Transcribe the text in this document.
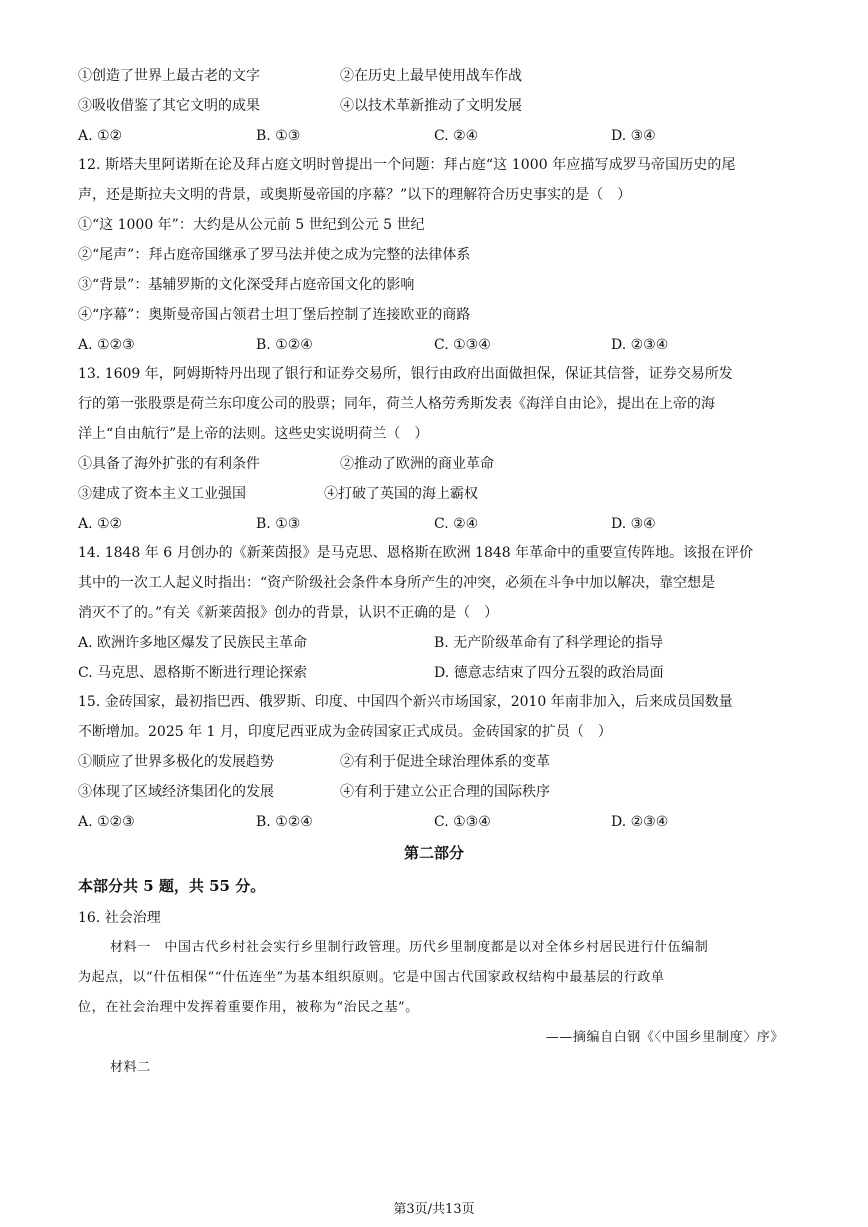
①创造了世界上最古老的文字	②在历史上最早使用战车作战
③吸收借鉴了其它文明的成果	④以技术革新推动了文明发展
A. ①②	B. ①③	C. ②④	D. ③④
12. 斯塔夫里阿诺斯在论及拜占庭文明时曾提出一个问题：拜占庭“这 1000 年应描写成罗马帝国历史的尾
声，还是斯拉夫文明的背景，或奥斯曼帝国的序幕？”以下的理解符合历史事实的是（　）
①“这 1000 年”：大约是从公元前 5 世纪到公元 5 世纪
②“尾声”：拜占庭帝国继承了罗马法并使之成为完整的法律体系
③“背景”：基辅罗斯的文化深受拜占庭帝国文化的影响
④“序幕”：奥斯曼帝国占领君士坦丁堡后控制了连接欧亚的商路
A. ①②③	B. ①②④	C. ①③④	D. ②③④
13. 1609 年，阿姆斯特丹出现了银行和证券交易所，银行由政府出面做担保，保证其信誉，证券交易所发
行的第一张股票是荷兰东印度公司的股票；同年，荷兰人格劳秀斯发表《海洋自由论》，提出在上帝的海
洋上“自由航行”是上帝的法则。这些史实说明荷兰（　）
①具备了海外扩张的有利条件	②推动了欧洲的商业革命
③建成了资本主义工业强国	④打破了英国的海上霸权
A. ①②	B. ①③	C. ②④	D. ③④
14. 1848 年 6 月创办的《新莱茵报》是马克思、恩格斯在欧洲 1848 年革命中的重要宣传阵地。该报在评价
其中的一次工人起义时指出：“资产阶级社会条件本身所产生的冲突，必须在斗争中加以解决，靠空想是
消灭不了的。”有关《新莱茵报》创办的背景，认识不正确的是（　）
A. 欧洲许多地区爆发了民族民主革命	B. 无产阶级革命有了科学理论的指导
C. 马克思、恩格斯不断进行理论探索	D. 德意志结束了四分五裂的政治局面
15. 金砖国家，最初指巴西、俄罗斯、印度、中国四个新兴市场国家，2010 年南非加入，后来成员国数量
不断增加。2025 年 1 月，印度尼西亚成为金砖国家正式成员。金砖国家的扩员（　）
①顺应了世界多极化的发展趋势	②有利于促进全球治理体系的变革
③体现了区域经济集团化的发展	④有利于建立公正合理的国际秩序
A. ①②③	B. ①②④	C. ①③④	D. ②③④
第二部分
本部分共 5 题，共 55 分。
16. 社会治理
材料一　中国古代乡村社会实行乡里制行政管理。历代乡里制度都是以对全体乡村居民进行什伍编制
为起点，以“什伍相保”“什伍连坐”为基本组织原则。它是中国古代国家政权结构中最基层的行政单
位，在社会治理中发挥着重要作用，被称为“治民之基”。
——摘编自白钢《〈中国乡里制度〉序》
材料二
第3页/共13页
